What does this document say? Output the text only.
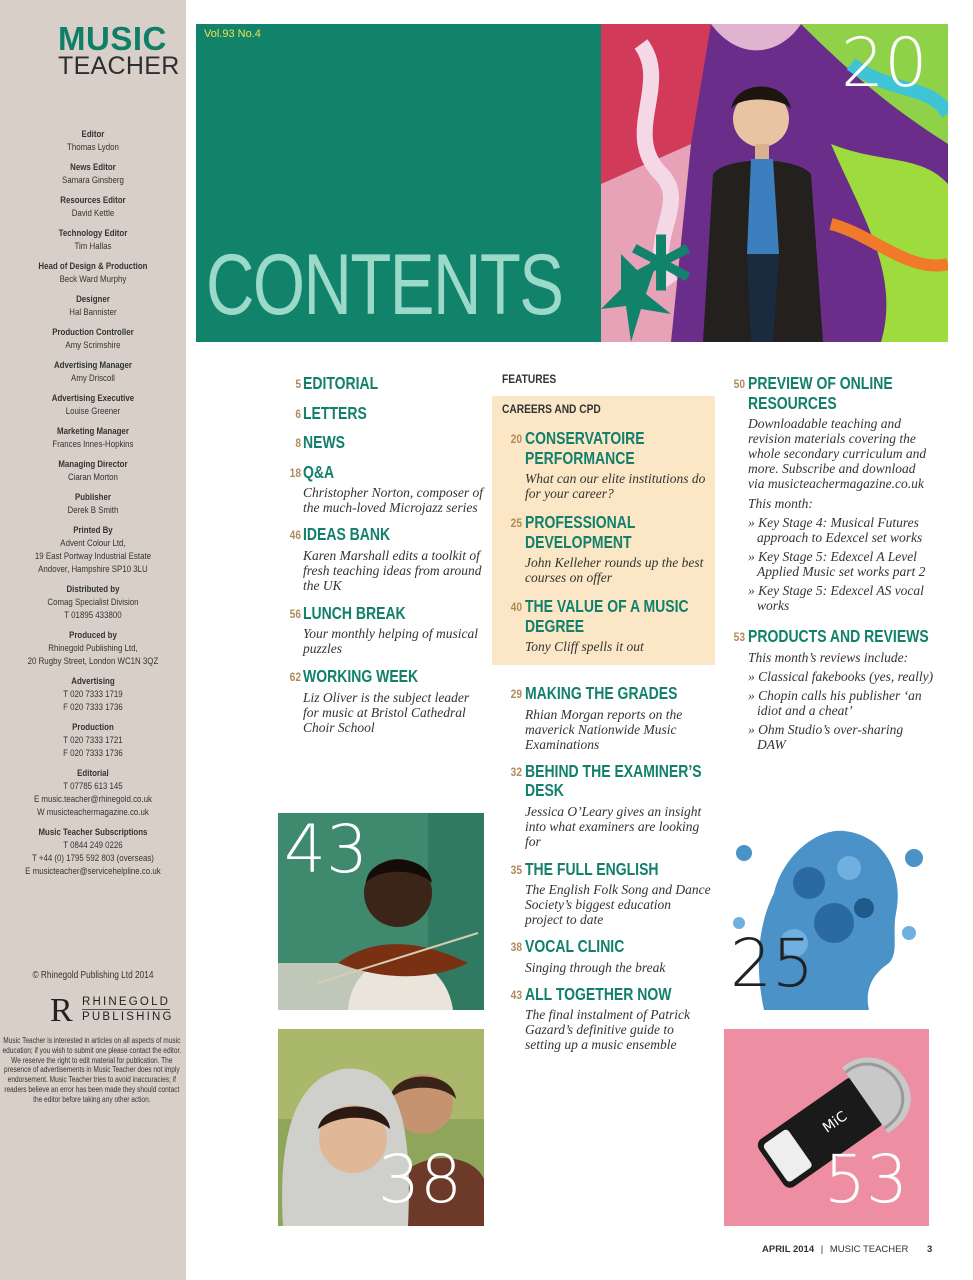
MUSIC
TEACHER
Editor
Thomas Lydon
News Editor
Samara Ginsberg
Resources Editor
David Kettle
Technology Editor
Tim Hallas
Head of Design & Production
Beck Ward Murphy
Designer
Hal Bannister
Production Controller
Amy Scrimshire
Advertising Manager
Amy Driscoll
Advertising Executive
Louise Greener
Marketing Manager
Frances Innes-Hopkins
Managing Director
Ciaran Morton
Publisher
Derek B Smith
Printed By
Advent Colour Ltd,
19 East Portway Industrial Estate
Andover, Hampshire SP10 3LU
Distributed by
Comag Specialist Division
T 01895 433800
Produced by
Rhinegold Publishing Ltd,
20 Rugby Street, London WC1N 3QZ
Advertising
T 020 7333 1719
F 020 7333 1736
Production
T 020 7333 1721
F 020 7333 1736
Editorial
T 07785 613 145
E music.teacher@rhinegold.co.uk
W musicteachermagazine.co.uk
Music Teacher Subscriptions
T 0844 249 0226
T +44 (0) 1795 592 803 (overseas)
E musicteacher@servicehelpline.co.uk
© Rhinegold Publishing Ltd 2014
R RHINEGOLD
PUBLISHING
Music Teacher is interested in articles on all aspects of music education; if you wish to submit one please contact the editor. We reserve the right to edit material for publication. The presence of advertisements in Music Teacher does not imply endorsement. Music Teacher tries to avoid inaccuracies; if readers believe an error has been made they should contact the editor before taking any other action.
Vol.93 No.4
CONTENTS *
20
5 EDITORIAL
6 LETTERS
8 NEWS
18 Q&A
Christopher Norton, composer of the much-loved Microjazz series
46 IDEAS BANK
Karen Marshall edits a toolkit of fresh teaching ideas from around the UK
56 LUNCH BREAK
Your monthly helping of musical puzzles
62 WORKING WEEK
Liz Oliver is the subject leader for music at Bristol Cathedral Choir School
FEATURES
CAREERS AND CPD
20 CONSERVATOIRE
PERFORMANCE
What can our elite institutions do for your career?
25 PROFESSIONAL
DEVELOPMENT
John Kelleher rounds up the best courses on offer
40 THE VALUE OF A MUSIC
DEGREE
Tony Cliff spells it out
29 MAKING THE GRADES
Rhian Morgan reports on the maverick Nationwide Music Examinations
32 BEHIND THE EXAMINER’S
DESK
Jessica O’Leary gives an insight into what examiners are looking for
35 THE FULL ENGLISH
The English Folk Song and Dance Society’s biggest education project to date
38 VOCAL CLINIC
Singing through the break
43 ALL TOGETHER NOW
The final instalment of Patrick Gazard’s definitive guide to setting up a music ensemble
50 PREVIEW OF ONLINE
RESOURCES
Downloadable teaching and revision materials covering the whole secondary curriculum and more. Subscribe and download via musicteachermagazine.co.uk
This month:
» Key Stage 4: Musical Futures approach to Edexcel set works
» Key Stage 5: Edexcel A Level Applied Music set works part 2
» Key Stage 5: Edexcel AS vocal works
53 PRODUCTS AND REVIEWS
This month’s reviews include:
» Classical fakebooks (yes, really)
» Chopin calls his publisher ‘an idiot and a cheat’
» Ohm Studio’s over-sharing DAW
43
38
25
MiC
53
APRIL 2014 | MUSIC TEACHER 3
